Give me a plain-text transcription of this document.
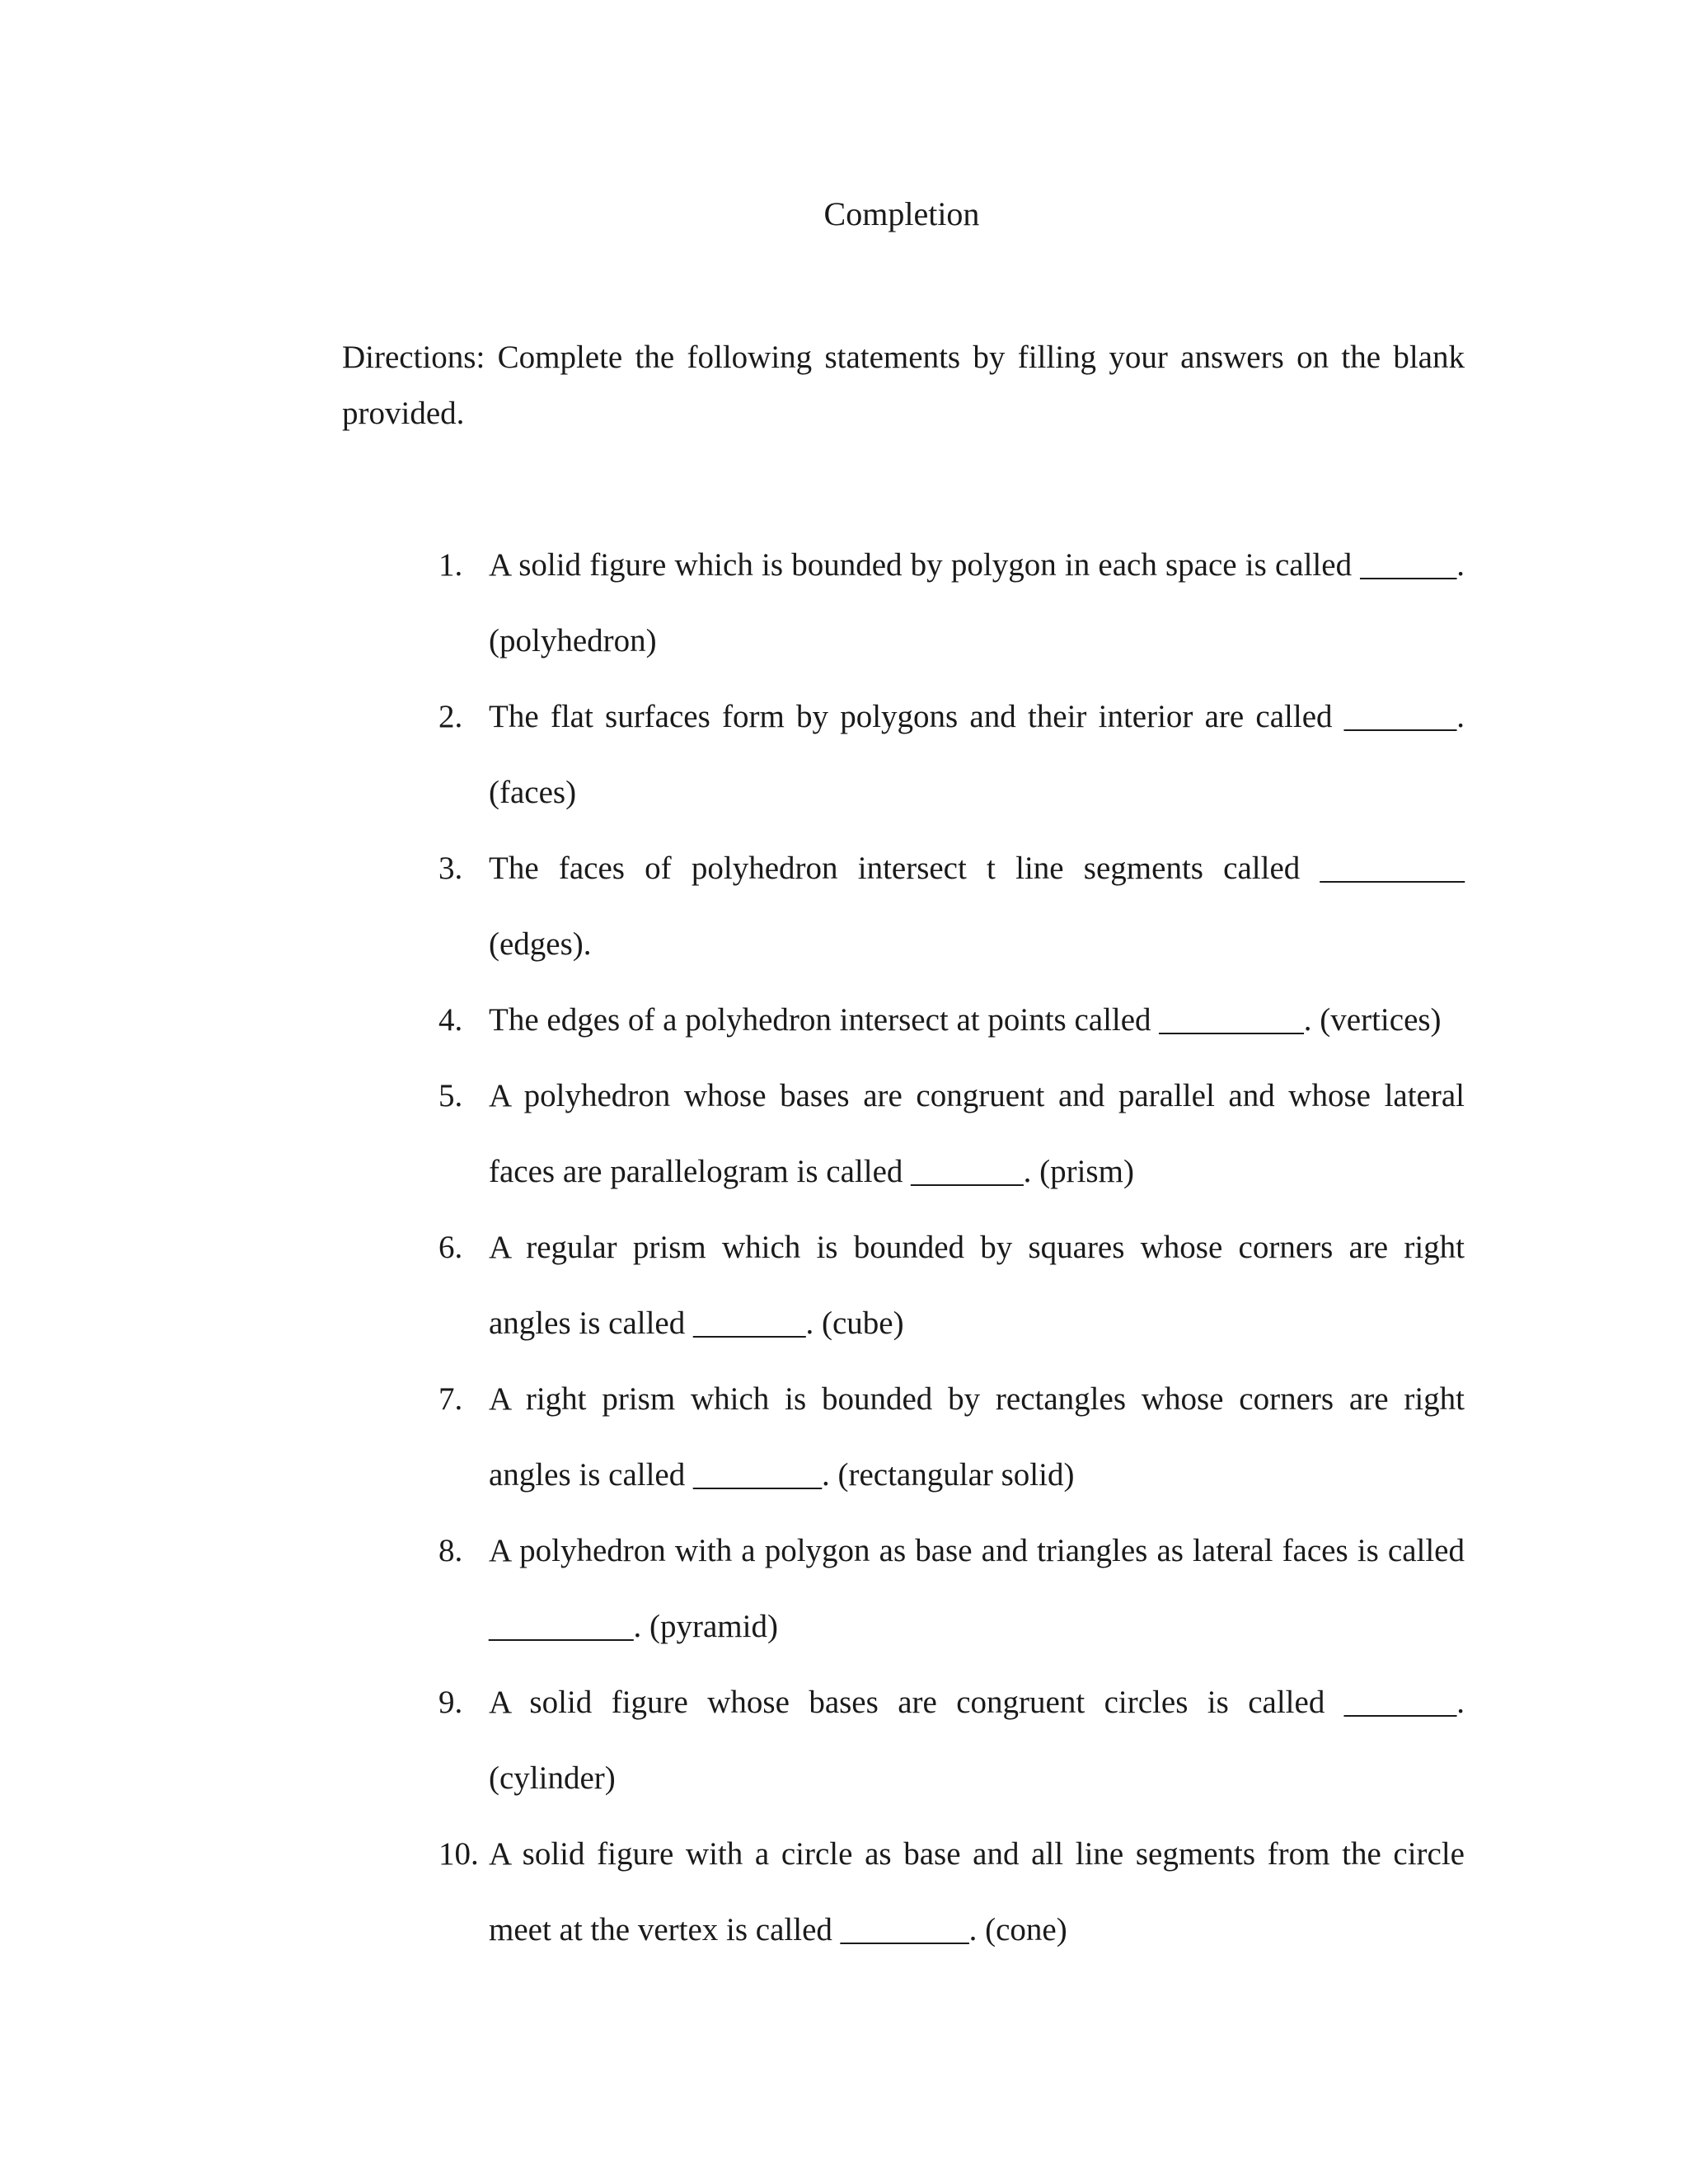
Completion
Directions: Complete the following statements by filling your answers on the blank provided.
1. A solid figure which is bounded by polygon in each space is called ______. (polyhedron)
2. The flat surfaces form by polygons and their interior are called _______. (faces)
3. The faces of polyhedron intersect t line segments called _________ (edges).
4. The edges of a polyhedron intersect at points called _________. (vertices)
5. A polyhedron whose bases are congruent and parallel and whose lateral faces are parallelogram is called _______. (prism)
6. A regular prism which is bounded by squares whose corners are right angles is called _______. (cube)
7. A right prism which is bounded by rectangles whose corners are right angles is called ________. (rectangular solid)
8. A polyhedron with a polygon as base and triangles as lateral faces is called _________. (pyramid)
9. A solid figure whose bases are congruent circles is called _______. (cylinder)
10. A solid figure with a circle as base and all line segments from the circle meet at the vertex is called ________. (cone)
